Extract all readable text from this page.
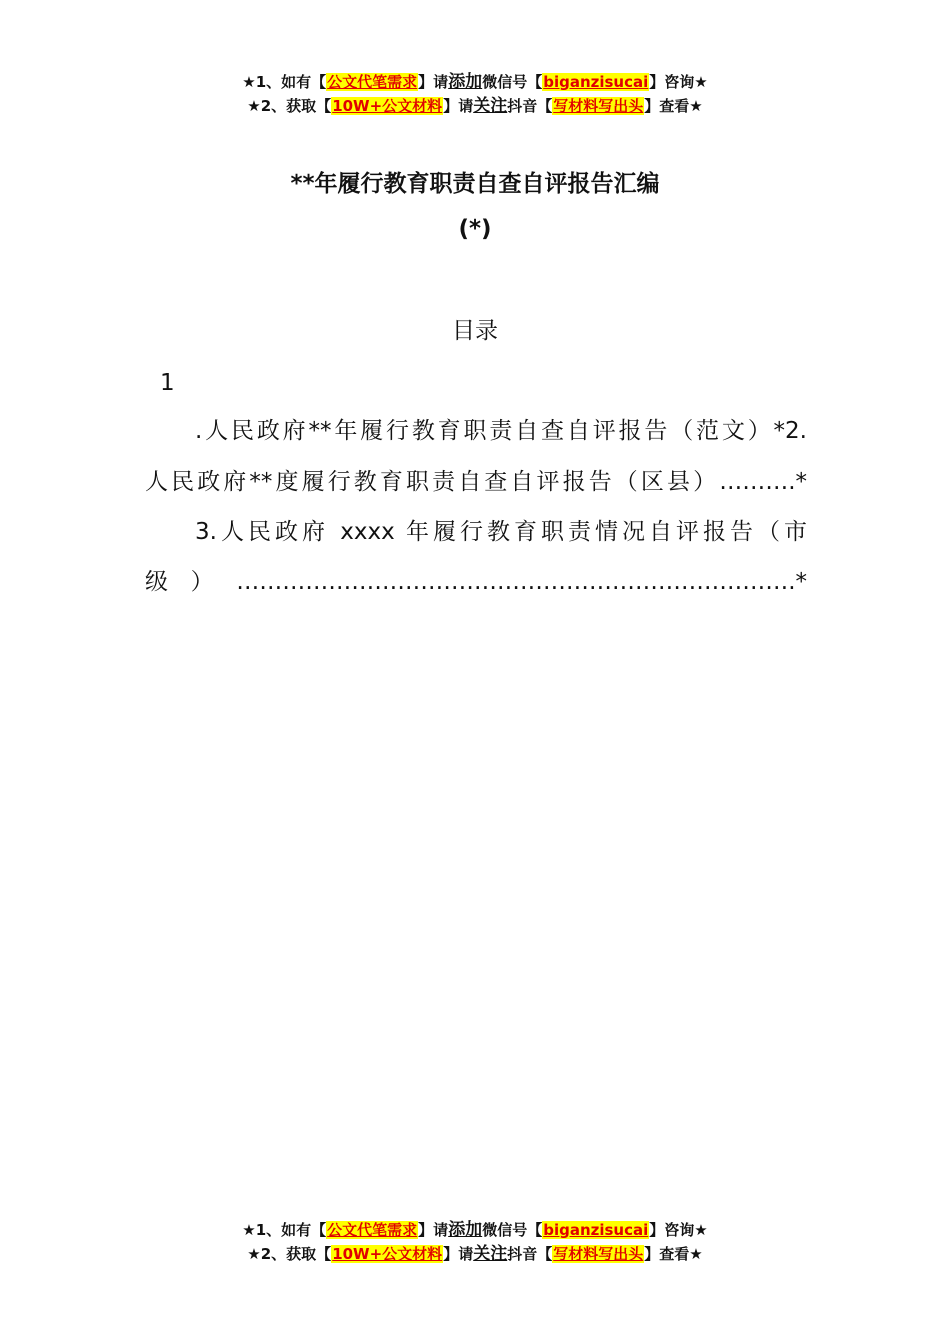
★1、如有【公文代笔需求】请添加微信号【biganzisucai】咨询★
★2、获取【10W+公文材料】请关注抖音【写材料写出头】查看★
**年履行教育职责自查自评报告汇编
(*)
目录
1
.人民政府**年履行教育职责自查自评报告（范文）*2.
人民政府**度履行教育职责自查自评报告（区县）……….*
3.人民政府 xxxx 年履行教育职责情况自评报告（市
级）……………………………………………………………….*
★1、如有【公文代笔需求】请添加微信号【biganzisucai】咨询★
★2、获取【10W+公文材料】请关注抖音【写材料写出头】查看★
